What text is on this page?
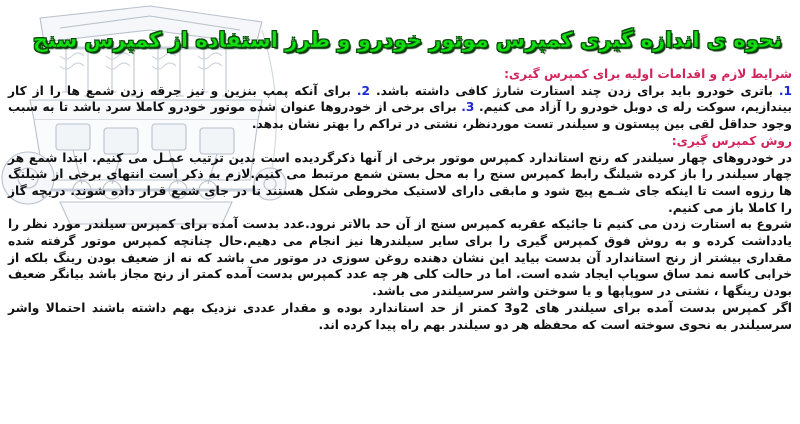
نحوه ی اندازه گیری کمپرس موتور خودرو و طرز استفاده از کمپرس سنج

شرایط لازم و اقدامات اولیه برای کمپرس گیری:

1. باتری خودرو باید برای زدن چند استارت شارژ کافی داشته باشد. 2. برای آنکه پمپ بنزین و نیز جرقه زدن شمع ها را از کار بیندازیم، سوکت رله ی دوبل خودرو را آزاد می کنیم. 3. برای برخی از خودروها عنوان شده موتور خودرو کاملا سرد باشد تا به سبب وجود حداقل لقی بین پیستون و سیلندر تست موردنظر، نشتی در تراکم را بهتر نشان بدهد.

روش کمپرس گیری:

در خودروهای چهار سیلندر که رنج استاندارد کمپرس موتور برخی از آنها ذکرگردیده است بدین ترتیب عمـل می کنیم. ابتدا شمع هر چهار سیلندر را باز کرده شیلنگ رابط کمپرس سنج را به محل بستن شمع مرتبط می کنیم.لازم به ذکر است انتهای برخی از شیلنگ ها رزوه است تا اینکه جای شـمع پیچ شود و مابقی دارای لاستیک مخروطی شکل هستند تا در جای شمع قرار داده شوند. دریچه گاز را کاملا باز می کنیم.

شروع به استارت زدن می کنیم تا جائیکه عقربه کمپرس سنج از آن حد بالاتر نرود.عدد بدست آمده برای کمپرس سیلندر مورد نظر را یادداشت کرده و به روش فوق کمپرس گیری را برای سایر سیلندرها نیز انجام می دهیم.حال چنانچه کمپرس موتور گرفته شده مقداری بیشتر از رنج استاندارد آن بدست بیاید این نشان دهنده روغن سوزی در موتور می باشد که نه از ضعیف بودن رینگ بلکه از خرابی کاسه نمد ساق سوپاپ ایجاد شده است. اما در حالت کلی هر چه عدد کمپرس بدست آمده کمتر از رنج مجاز باشد بیانگر ضعیف بودن رینگها ، نشتی در سوپاپها و یا سوختن واشر سرسیلندر می باشد.

اگر کمپرس بدست آمده برای سیلندر های 2و3 کمتر از حد استاندارد بوده و مقدار عددی نزدیک بهم داشته باشند احتمالا واشر سرسیلندر به نحوی سوخته است که محفظه هر دو سیلندر بهم راه پیدا کرده اند.
